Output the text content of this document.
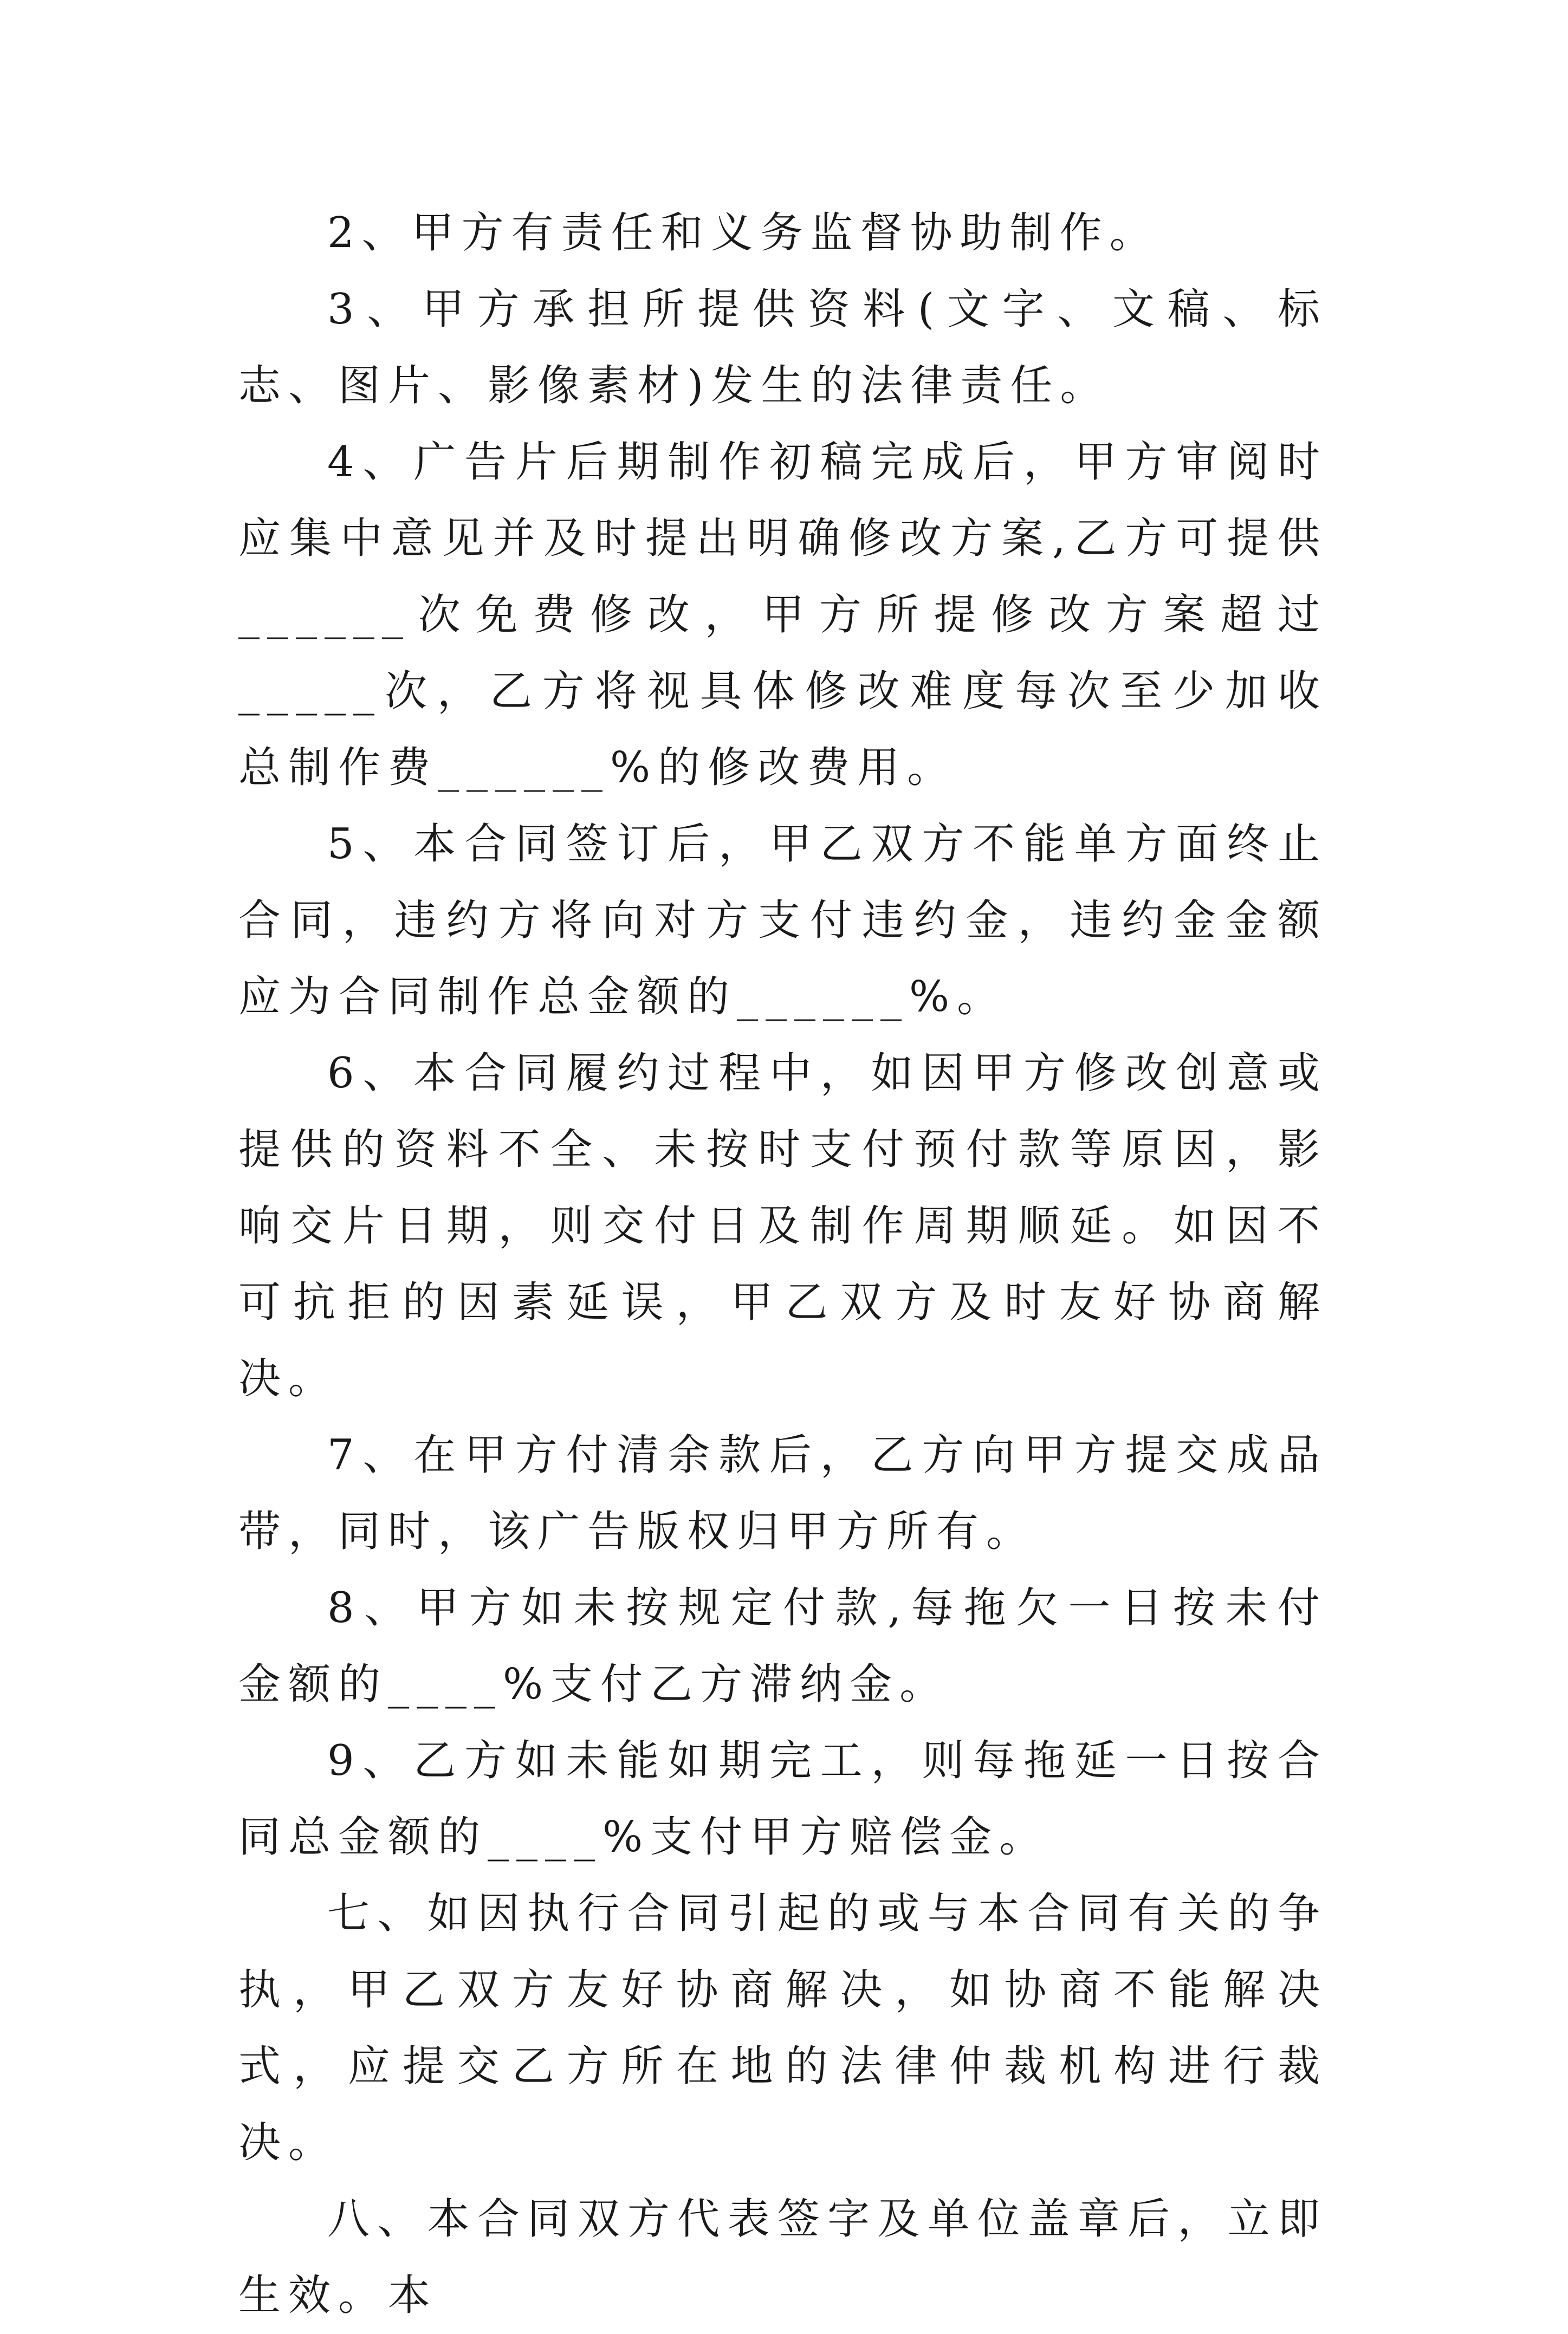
2、甲方有责任和义务监督协助制作。

3、甲方承担所提供资料(文字、文稿、标志、图片、影像素材)发生的法律责任。

4、广告片后期制作初稿完成后，甲方审阅时应集中意见并及时提出明确修改方案,乙方可提供______次免费修改，甲方所提修改方案超过_____次，乙方将视具体修改难度每次至少加收总制作费______%的修改费用。

5、本合同签订后，甲乙双方不能单方面终止合同，违约方将向对方支付违约金，违约金金额应为合同制作总金额的______%。

6、本合同履约过程中，如因甲方修改创意或提供的资料不全、未按时支付预付款等原因，影响交片日期，则交付日及制作周期顺延。如因不可抗拒的因素延误，甲乙双方及时友好协商解决。

7、在甲方付清余款后，乙方向甲方提交成品带，同时，该广告版权归甲方所有。

8、甲方如未按规定付款,每拖欠一日按未付金额的____%支付乙方滞纳金。

9、乙方如未能如期完工，则每拖延一日按合同总金额的____%支付甲方赔偿金。

七、如因执行合同引起的或与本合同有关的争执，甲乙双方友好协商解决，如协商不能解决式，应提交乙方所在地的法律仲裁机构进行裁决。

八、本合同双方代表签字及单位盖章后，立即生效。本
